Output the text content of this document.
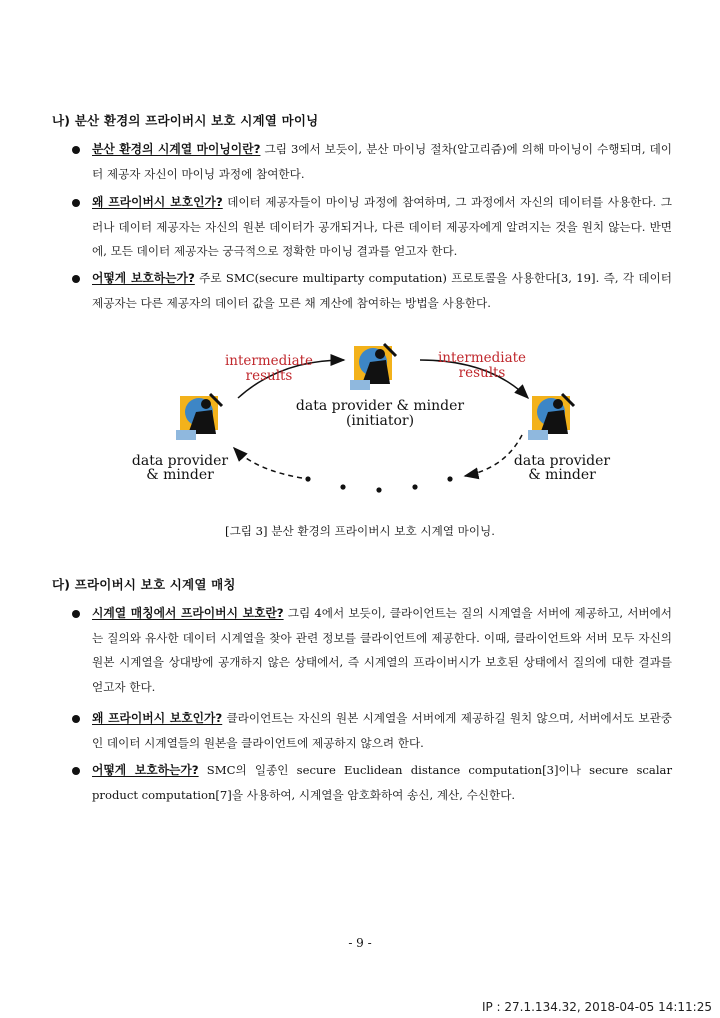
나) 분산 환경의 프라이버시 보호 시계열 마이닝
분산 환경의 시계열 마이닝이란? 그림 3에서 보듯이, 분산 마이닝 절차(알고리즘)에 의해 마이닝이 수행되며, 데이터 제공자 자신이 마이닝 과정에 참여한다.
왜 프라이버시 보호인가? 데이터 제공자들이 마이닝 과정에 참여하며, 그 과정에서 자신의 데이터를 사용한다. 그러나 데이터 제공자는 자신의 원본 데이터가 공개되거나, 다른 데이터 제공자에게 알려지는 것을 원치 않는다. 반면에, 모든 데이터 제공자는 궁극적으로 정확한 마이닝 결과를 얻고자 한다.
어떻게 보호하는가? 주로 SMC(secure multiparty computation) 프로토콜을 사용한다[3, 19]. 즉, 각 데이터 제공자는 다른 제공자의 데이터 값을 모른 채 계산에 참여하는 방법을 사용한다.
intermediate
results
intermediate
results
data provider & minder
(initiator)
data provider
& minder
data provider
& minder
[그림 3] 분산 환경의 프라이버시 보호 시계열 마이닝.
다) 프라이버시 보호 시계열 매칭
시계열 매칭에서 프라이버시 보호란? 그림 4에서 보듯이, 클라이언트는 질의 시계열을 서버에 제공하고, 서버에서는 질의와 유사한 데이터 시계열을 찾아 관련 정보를 클라이언트에 제공한다. 이때, 클라이언트와 서버 모두 자신의 원본 시계열을 상대방에 공개하지 않은 상태에서, 즉 시계열의 프라이버시가 보호된 상태에서 질의에 대한 결과를 얻고자 한다.
왜 프라이버시 보호인가? 클라이언트는 자신의 원본 시계열을 서버에게 제공하길 원치 않으며, 서버에서도 보관중인 데이터 시계열들의 원본을 클라이언트에 제공하지 않으려 한다.
어떻게 보호하는가? SMC의 일종인 secure Euclidean distance computation[3]이나 secure scalar product computation[7]을 사용하여, 시계열을 암호화하여 송신, 계산, 수신한다.
- 9 -
IP : 27.1.134.32, 2018-04-05 14:11:25
